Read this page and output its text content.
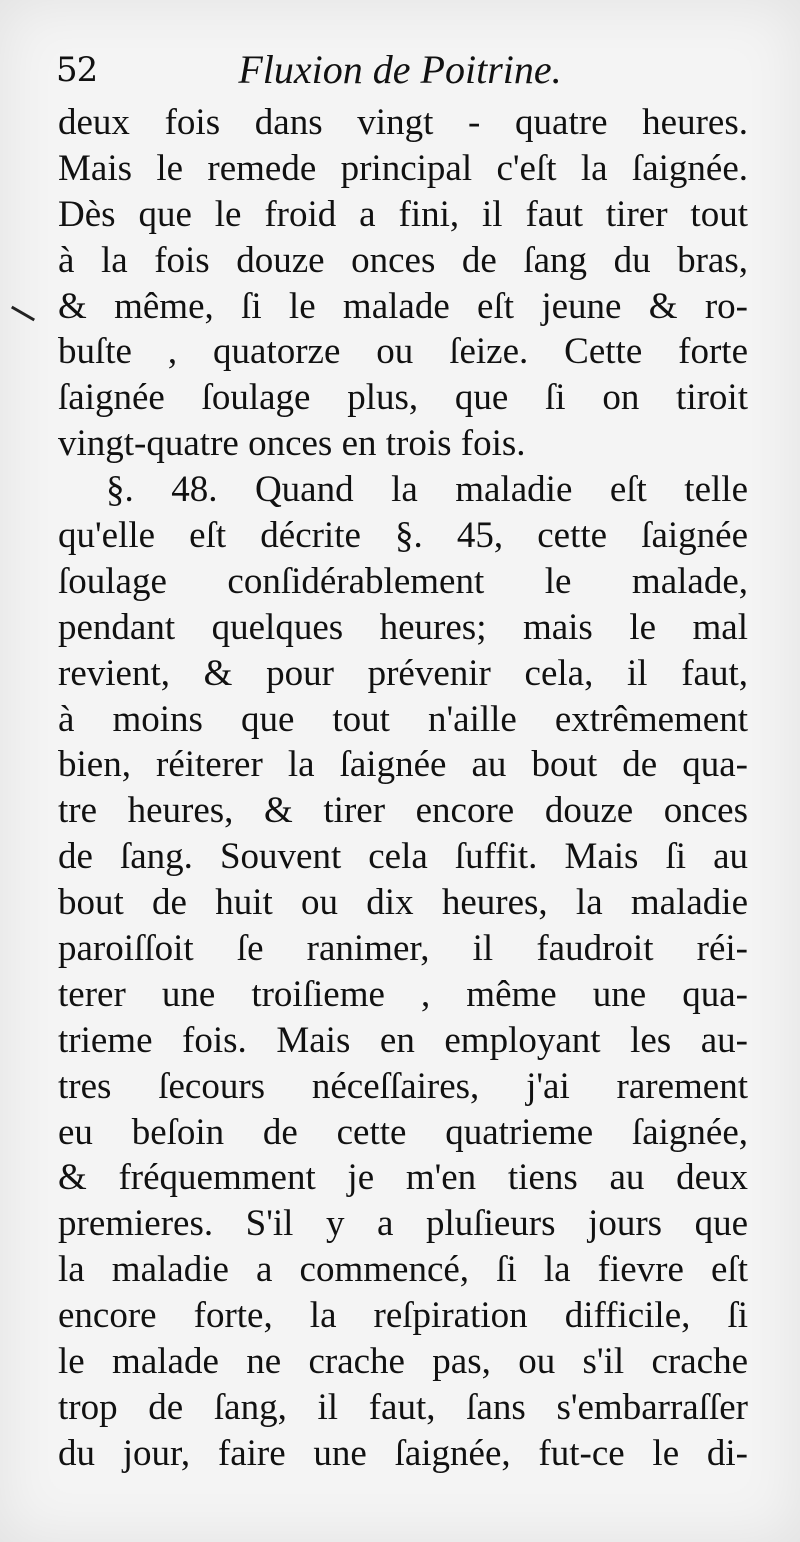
52	Fluxion de Poitrine.
deux fois dans vingt - quatre heures.
Mais le remede principal c'eſt la ſaignée.
Dès que le froid a fini, il faut tirer tout
à la fois douze onces de ſang du bras,
& même, ſi le malade eſt jeune & ro-
buſte , quatorze ou ſeize. Cette forte
ſaignée ſoulage plus, que ſi on tiroit
vingt-quatre onces en trois fois.
§. 48. Quand la maladie eſt telle
qu'elle eſt décrite §. 45, cette ſaignée
ſoulage conſidérablement le malade,
pendant quelques heures; mais le mal
revient, & pour prévenir cela, il faut,
à moins que tout n'aille extrêmement
bien, réiterer la ſaignée au bout de qua-
tre heures, & tirer encore douze onces
de ſang. Souvent cela ſuffit. Mais ſi au
bout de huit ou dix heures, la maladie
paroiſſoit ſe ranimer, il faudroit réi-
terer une troiſieme , même une qua-
trieme fois. Mais en employant les au-
tres ſecours néceſſaires, j'ai rarement
eu beſoin de cette quatrieme ſaignée,
& fréquemment je m'en tiens au deux
premieres. S'il y a pluſieurs jours que
la maladie a commencé, ſi la fievre eſt
encore forte, la reſpiration difficile, ſi
le malade ne crache pas, ou s'il crache
trop de ſang, il faut, ſans s'embarraſſer
du jour, faire une ſaignée, fut-ce le di-
